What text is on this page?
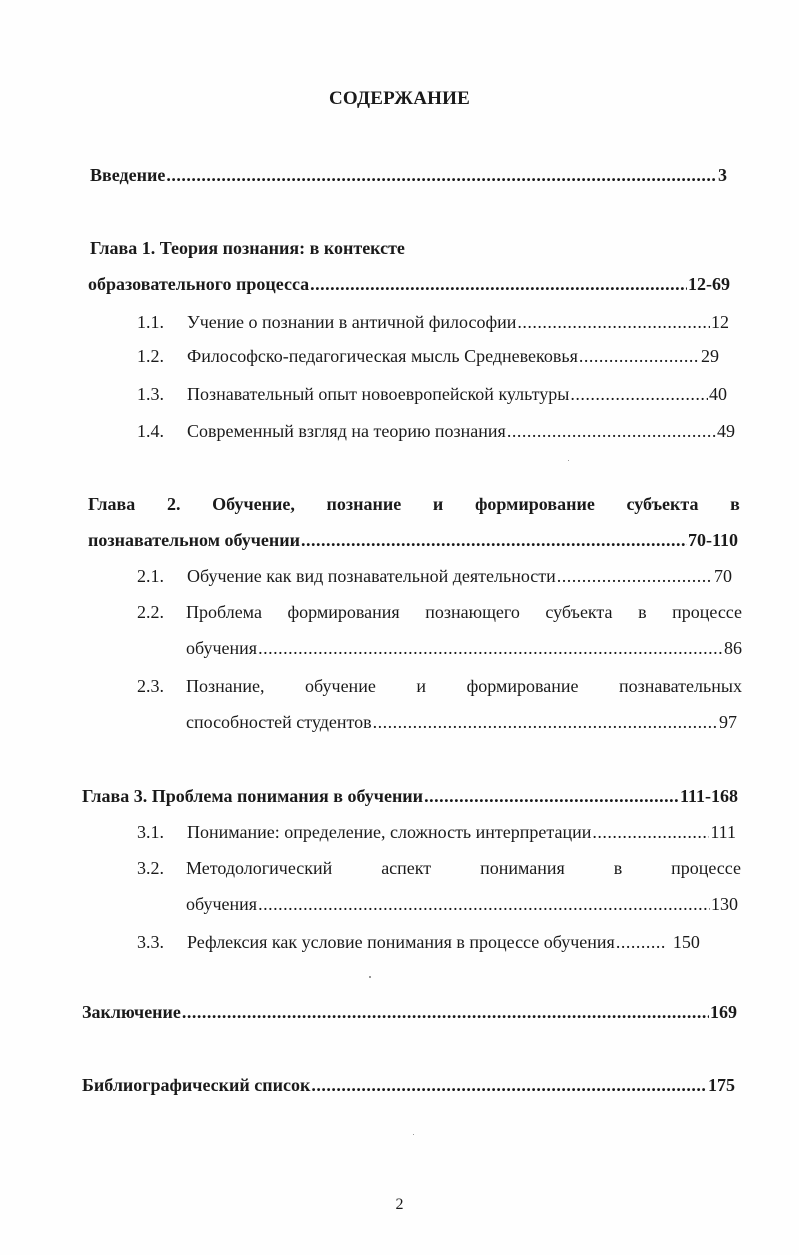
СОДЕРЖАНИЕ
Введение .....	3
Глава 1. Теория познания: в контексте
образовательного процесса .....	12-69
1.1.	Учение о познании в античной философии .....	12
1.2.	Философско-педагогическая мысль Средневековья .....	29
1.3.	Познавательный опыт новоевропейской культуры .....	40
1.4.	Современный взгляд на теорию познания .....	49
Глава 2. Обучение, познание и формирование субъекта в
познавательном обучении .....	70-110
2.1.	Обучение как вид познавательной деятельности .....	70
2.2. Проблема формирования познающего субъекта в процессе
обучения .....	86
2.3. Познание, обучение и формирование познавательных
способностей студентов .....	97
Глава 3. Проблема понимания в обучении .....	111-168
3.1.	Понимание: определение, сложность интерпретации .....	111
3.2. Методологический	аспект	понимания	в	процессе
обучения .....	130
3.3.	Рефлексия как условие понимания в процессе обучения .....	150
Заключение .....	169
Библиографический список .....	175
2
